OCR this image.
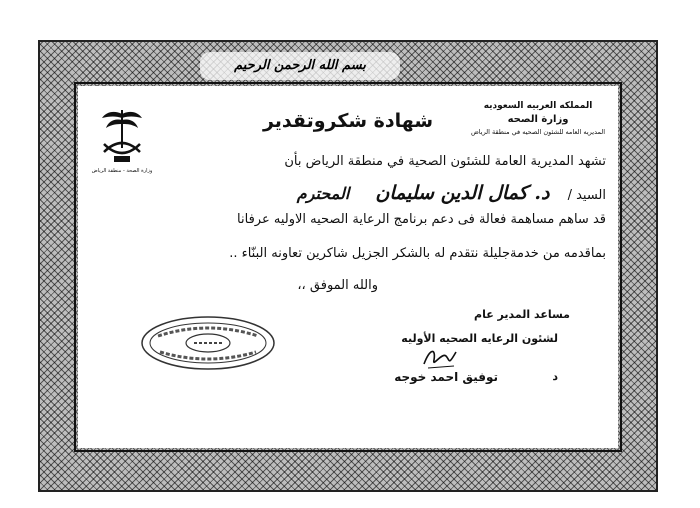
بسم الله الرحمن الرحيم
وزارة الصحة - منطقة الرياض
المملكه العربيه السعوديه
وزارة الصحه
المديريه العامه للشئون الصحيه في منطقة الرياض
شهادة شكروتقدير
تشهد المديرية العامة للشئون الصحية في منطقة الرياض بأن
السيد / د. كمال الدين سليمان المحترم
قد ساهم مساهمة فعالة فى دعم برنامج الرعاية الصحيه الاوليه عرفانا
بماقدمه من خدمةجليلة نتقدم له بالشكر الجزيل شاكرين تعاونه البنّاء ..
والله الموفق ،،
مساعد المدير عام
لشئون الرعايه الصحيه الأوليه
د
توفيق احمد خوجه
